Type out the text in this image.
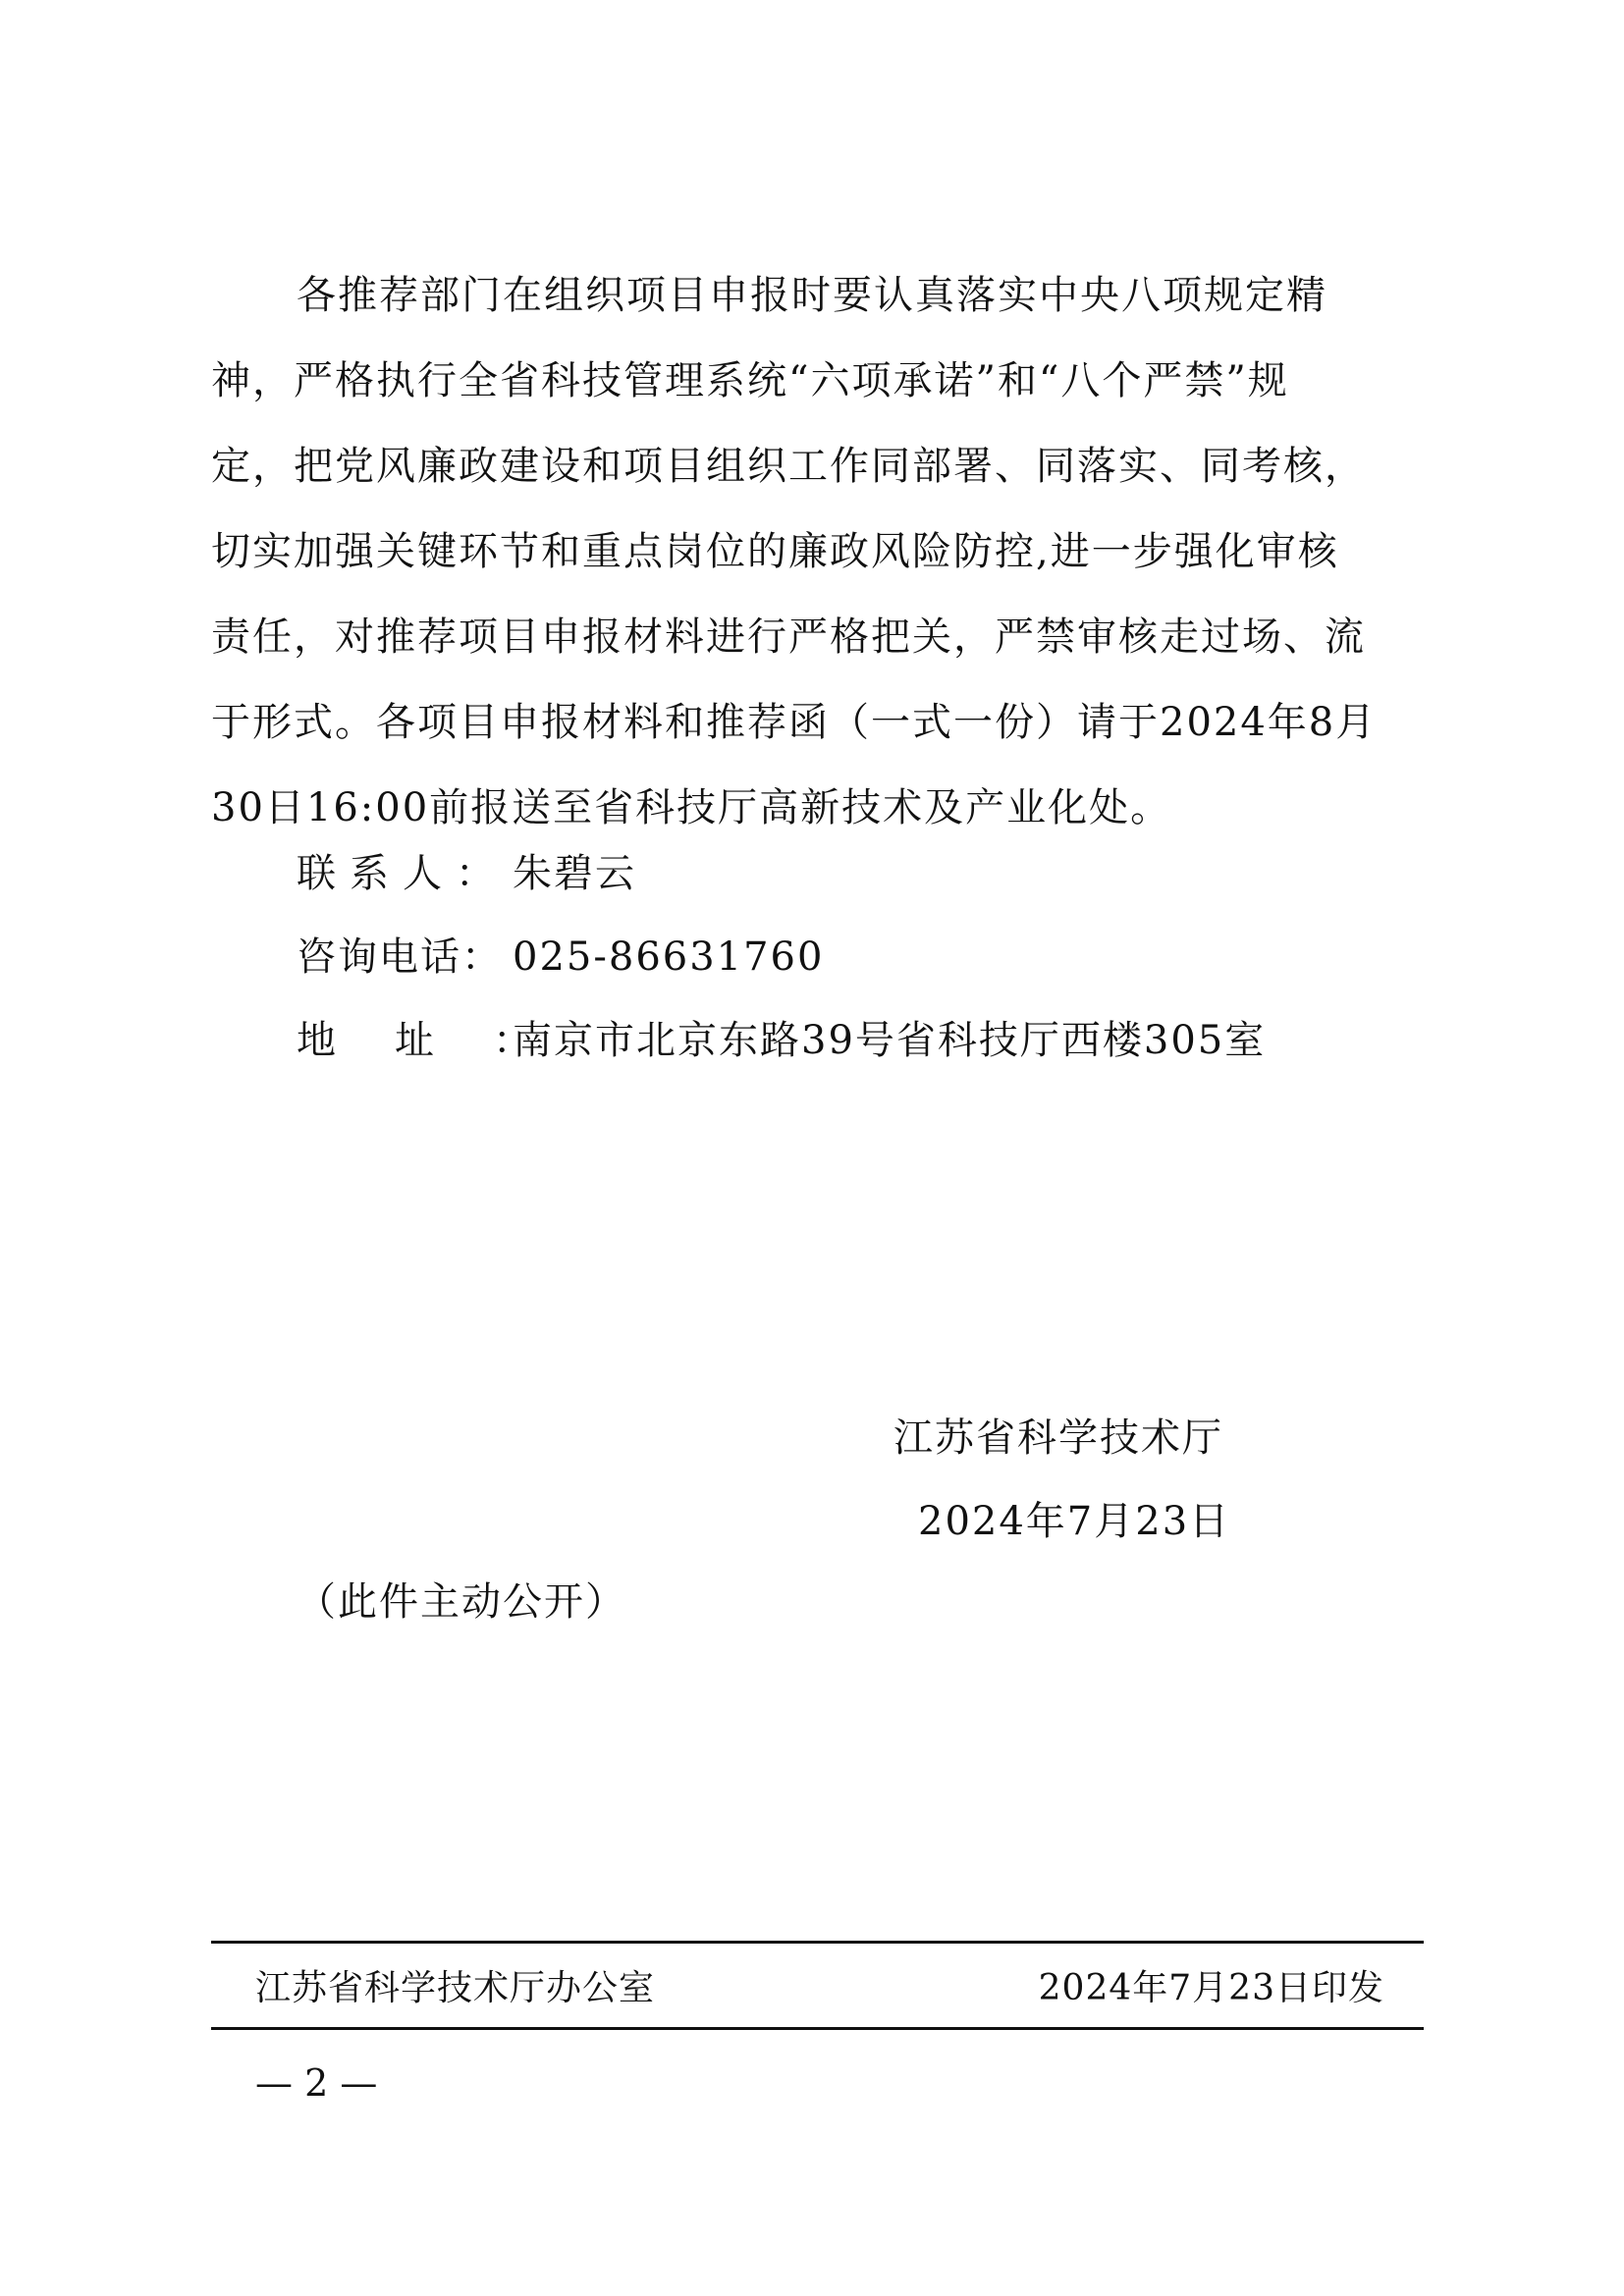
各推荐部门在组织项目申报时要认真落实中央八项规定精
神，严格执行全省科技管理系统“六项承诺”和“八个严禁”规
定，把党风廉政建设和项目组织工作同部署、同落实、同考核，
切实加强关键环节和重点岗位的廉政风险防控,进一步强化审核
责任，对推荐项目申报材料进行严格把关，严禁审核走过场、流
于形式。各项目申报材料和推荐函（一式一份）请于2024年8月
30日16:00前报送至省科技厅高新技术及产业化处。
联系人： 朱碧云
咨询电话： 025-86631760
地址：南京市北京东路39号省科技厅西楼305室
江苏省科学技术厅
2024年7月23日
（此件主动公开）
江苏省科学技术厅办公室	2024年7月23日印发
— 2 —
